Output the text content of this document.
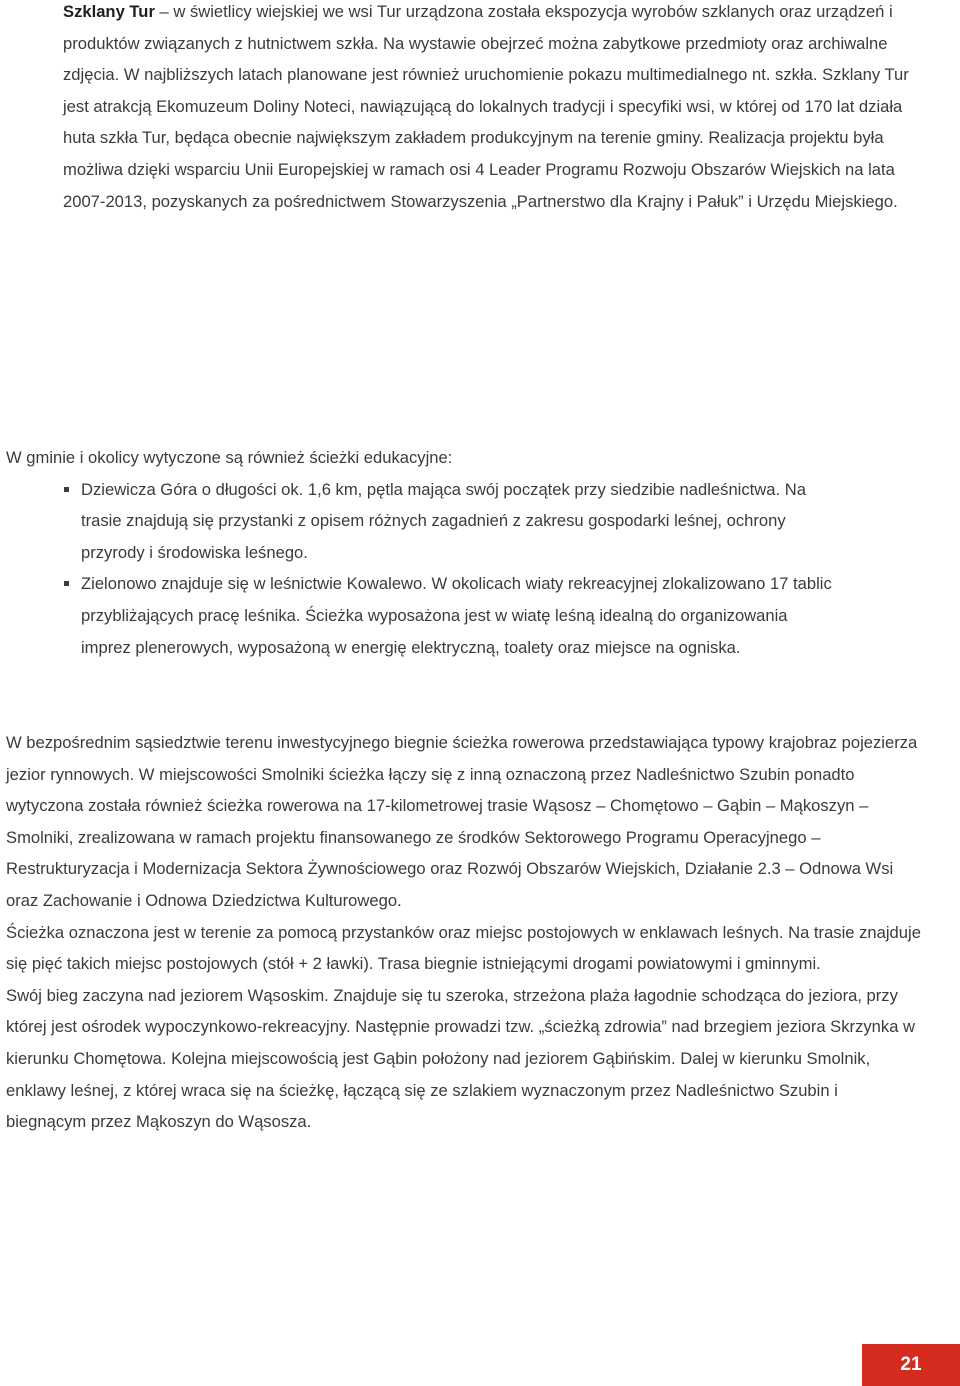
Szklany Tur – w świetlicy wiejskiej we wsi Tur urządzona została ekspozycja wyrobów szklanych oraz urządzeń i produktów związanych z hutnictwem szkła. Na wystawie obejrzeć można zabytkowe przedmioty oraz archiwalne zdjęcia. W najbliższych latach planowane jest również uruchomienie pokazu multimedialnego nt. szkła. Szklany Tur jest atrakcją Ekomuzeum Doliny Noteci, nawiązującą do lokalnych tradycji i specyfiki wsi, w której od 170 lat działa huta szkła Tur, będąca obecnie największym zakładem produkcyjnym na terenie gminy. Realizacja projektu była możliwa dzięki wsparciu Unii Europejskiej w ramach osi 4 Leader Programu Rozwoju Obszarów Wiejskich na lata 2007-2013, pozyskanych za pośrednictwem Stowarzyszenia „Partnerstwo dla Krajny i Pałuk” i Urzędu Miejskiego.

W gminie i okolicy wytyczone są również ścieżki edukacyjne:

Dziewicza Góra o długości ok. 1,6 km, pętla mająca swój początek przy siedzibie nadleśnictwa. Na trasie znajdują się przystanki z opisem różnych zagadnień z zakresu gospodarki leśnej, ochrony przyrody i środowiska leśnego.
Zielonowo znajduje się w leśnictwie Kowalewo. W okolicach wiaty rekreacyjnej zlokalizowano 17 tablic przybliżających pracę leśnika. Ścieżka wyposażona jest w wiatę leśną idealną do organizowania imprez plenerowych, wyposażoną w energię elektryczną, toalety oraz miejsce na ogniska.

W bezpośrednim sąsiedztwie terenu inwestycyjnego biegnie ścieżka rowerowa przedstawiająca typowy krajobraz pojezierza jezior rynnowych. W miejscowości Smolniki ścieżka łączy się z inną oznaczoną przez Nadleśnictwo Szubin ponadto wytyczona została również ścieżka rowerowa na 17-kilometrowej trasie Wąsosz – Chomętowo – Gąbin – Mąkoszyn – Smolniki, zrealizowana w ramach projektu finansowanego ze środków Sektorowego Programu Operacyjnego – Restrukturyzacja i Modernizacja Sektora Żywnościowego oraz Rozwój Obszarów Wiejskich, Działanie 2.3 – Odnowa Wsi oraz Zachowanie i Odnowa Dziedzictwa Kulturowego.

Ścieżka oznaczona jest w terenie za pomocą przystanków oraz miejsc postojowych w enklawach leśnych. Na trasie znajduje się pięć takich miejsc postojowych (stół + 2 ławki). Trasa biegnie istniejącymi drogami powiatowymi i gminnymi.

Swój bieg zaczyna nad jeziorem Wąsoskim. Znajduje się tu szeroka, strzeżona plaża łagodnie schodząca do jeziora, przy której jest ośrodek wypoczynkowo-rekreacyjny. Następnie prowadzi tzw. „ścieżką zdrowia” nad brzegiem jeziora Skrzynka w kierunku Chomętowa. Kolejna miejscowością jest Gąbin położony nad jeziorem Gąbińskim. Dalej w kierunku Smolnik, enklawy leśnej, z której wraca się na ścieżkę, łączącą się ze szlakiem wyznaczonym przez Nadleśnictwo Szubin i biegnącym przez Mąkoszyn do Wąsosza.

21
